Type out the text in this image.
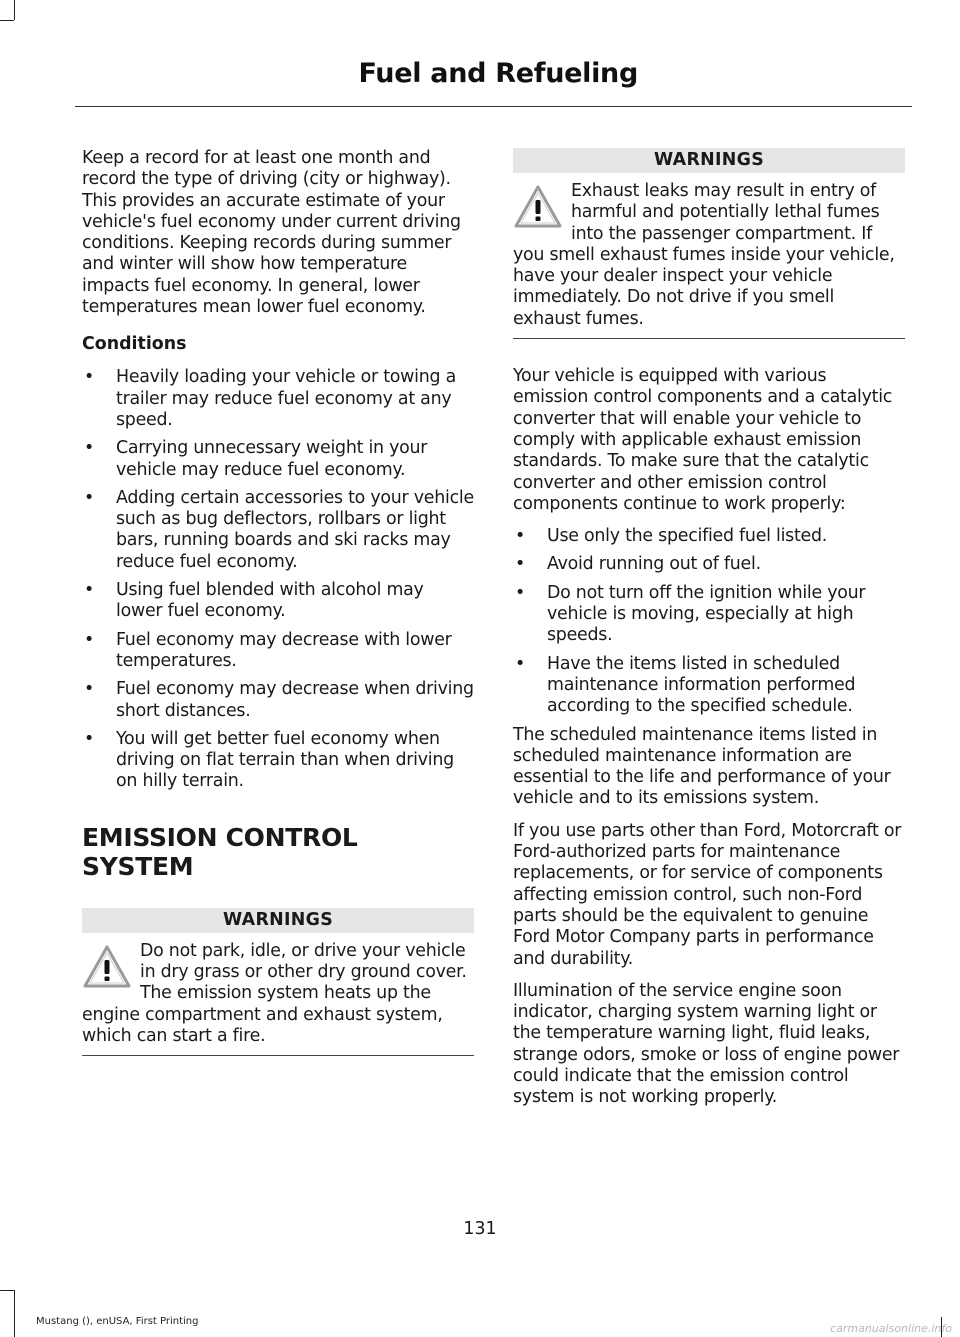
Fuel and Refueling

Keep a record for at least one month and record the type of driving (city or highway). This provides an accurate estimate of your vehicle's fuel economy under current driving conditions. Keeping records during summer and winter will show how temperature impacts fuel economy. In general, lower temperatures mean lower fuel economy.

Conditions
• Heavily loading your vehicle or towing a trailer may reduce fuel economy at any speed.
• Carrying unnecessary weight in your vehicle may reduce fuel economy.
• Adding certain accessories to your vehicle such as bug deflectors, rollbars or light bars, running boards and ski racks may reduce fuel economy.
• Using fuel blended with alcohol may lower fuel economy.
• Fuel economy may decrease with lower temperatures.
• Fuel economy may decrease when driving short distances.
• You will get better fuel economy when driving on flat terrain than when driving on hilly terrain.
EMISSION CONTROL SYSTEM
WARNINGS
Do not park, idle, or drive your vehicle in dry grass or other dry ground cover. The emission system heats up the engine compartment and exhaust system, which can start a fire.
WARNINGS
Exhaust leaks may result in entry of harmful and potentially lethal fumes into the passenger compartment. If you smell exhaust fumes inside your vehicle, have your dealer inspect your vehicle immediately. Do not drive if you smell exhaust fumes.

Your vehicle is equipped with various emission control components and a catalytic converter that will enable your vehicle to comply with applicable exhaust emission standards. To make sure that the catalytic converter and other emission control components continue to work properly:

• Use only the specified fuel listed.
• Avoid running out of fuel.
• Do not turn off the ignition while your vehicle is moving, especially at high speeds.
• Have the items listed in scheduled maintenance information performed according to the specified schedule.

The scheduled maintenance items listed in scheduled maintenance information are essential to the life and performance of your vehicle and to its emissions system.

If you use parts other than Ford, Motorcraft or Ford-authorized parts for maintenance replacements, or for service of components affecting emission control, such non-Ford parts should be the equivalent to genuine Ford Motor Company parts in performance and durability.

Illumination of the service engine soon indicator, charging system warning light or the temperature warning light, fluid leaks, strange odors, smoke or loss of engine power could indicate that the emission control system is not working properly.

131
Mustang (), enUSA, First Printing
carmanualsonline.info
